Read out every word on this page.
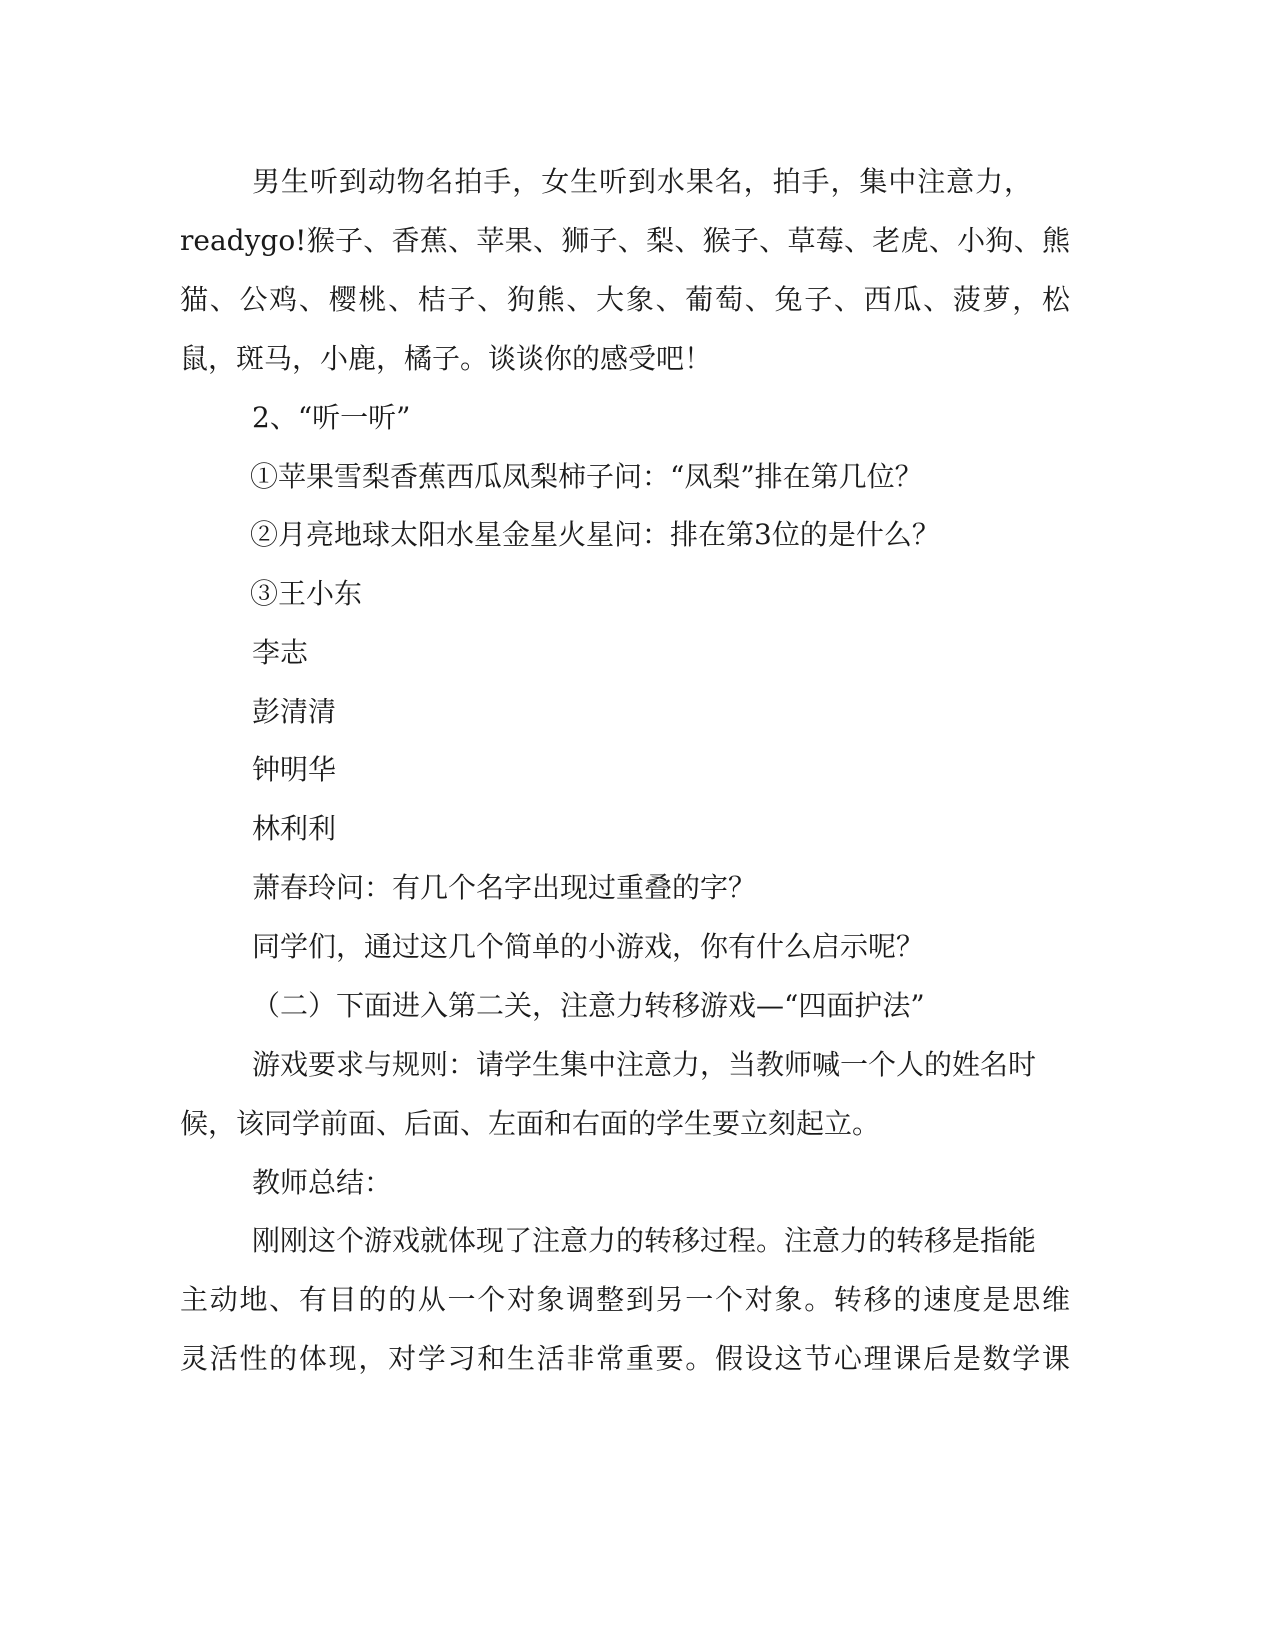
男生听到动物名拍手，女生听到水果名，拍手，集中注意力，
readygo!猴子、香蕉、苹果、狮子、梨、猴子、草莓、老虎、小狗、熊
猫、公鸡、樱桃、桔子、狗熊、大象、葡萄、兔子、西瓜、菠萝，松
鼠，斑马，小鹿，橘子。谈谈你的感受吧！
2、“听一听”
①苹果雪梨香蕉西瓜凤梨柿子问：“凤梨”排在第几位？
②月亮地球太阳水星金星火星问：排在第3位的是什么？
③王小东
李志
彭清清
钟明华
林利利
萧春玲问：有几个名字出现过重叠的字？
同学们，通过这几个简单的小游戏，你有什么启示呢？
（二）下面进入第二关，注意力转移游戏—“四面护法”
游戏要求与规则：请学生集中注意力，当教师喊一个人的姓名时
候，该同学前面、后面、左面和右面的学生要立刻起立。
教师总结：
刚刚这个游戏就体现了注意力的转移过程。注意力的转移是指能
主动地、有目的的从一个对象调整到另一个对象。转移的速度是思维
灵活性的体现，对学习和生活非常重要。假设这节心理课后是数学课
